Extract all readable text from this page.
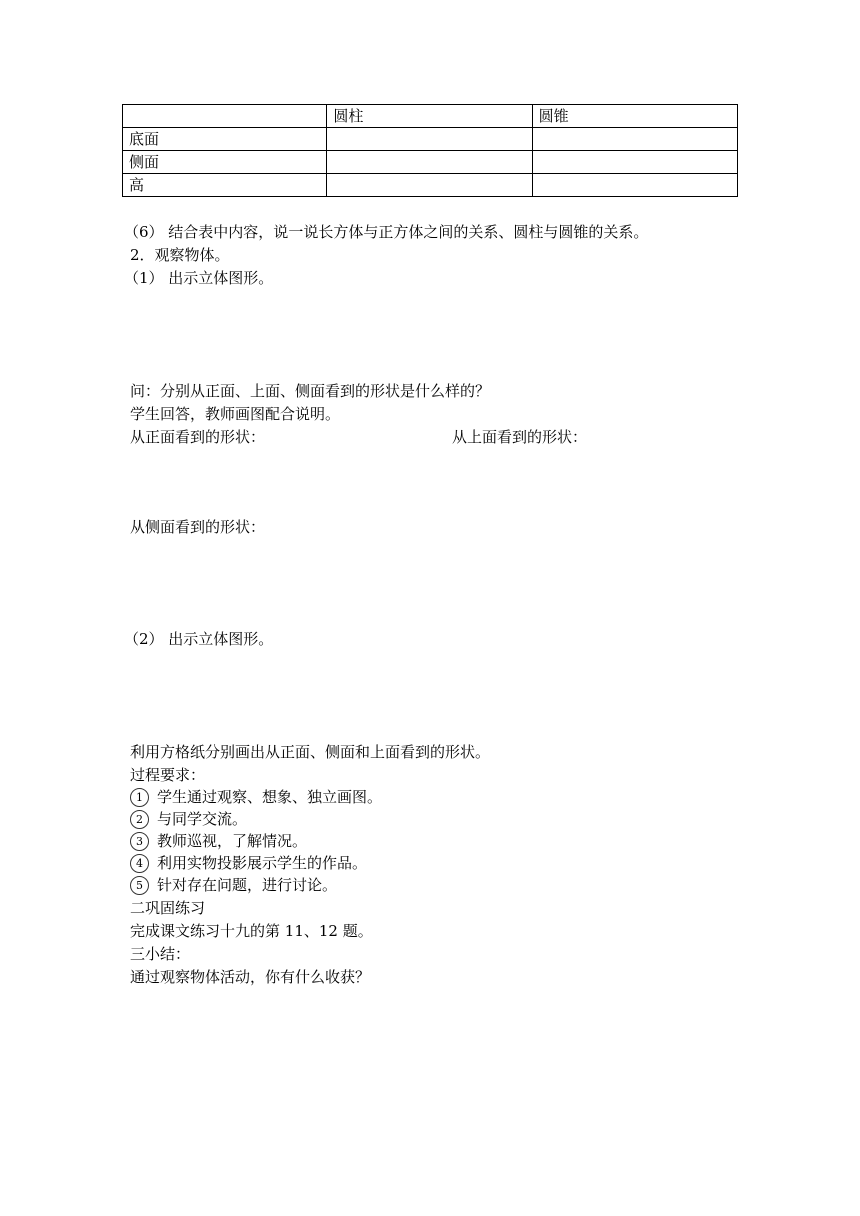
	圆柱	圆锥
底面		
侧面		
高		
（6） 结合表中内容，说一说长方体与正方体之间的关系、圆柱与圆锥的关系。
2．观察物体。
（1） 出示立体图形。
问：分别从正面、上面、侧面看到的形状是什么样的？
学生回答，教师画图配合说明。
从正面看到的形状：	从上面看到的形状：
从侧面看到的形状：
（2） 出示立体图形。
利用方格纸分别画出从正面、侧面和上面看到的形状。
过程要求：
1 学生通过观察、想象、独立画图。
2 与同学交流。
3 教师巡视，了解情况。
4 利用实物投影展示学生的作品。
5 针对存在问题，进行讨论。
二巩固练习
完成课文练习十九的第 11、12 题。
三小结：
通过观察物体活动，你有什么收获？
